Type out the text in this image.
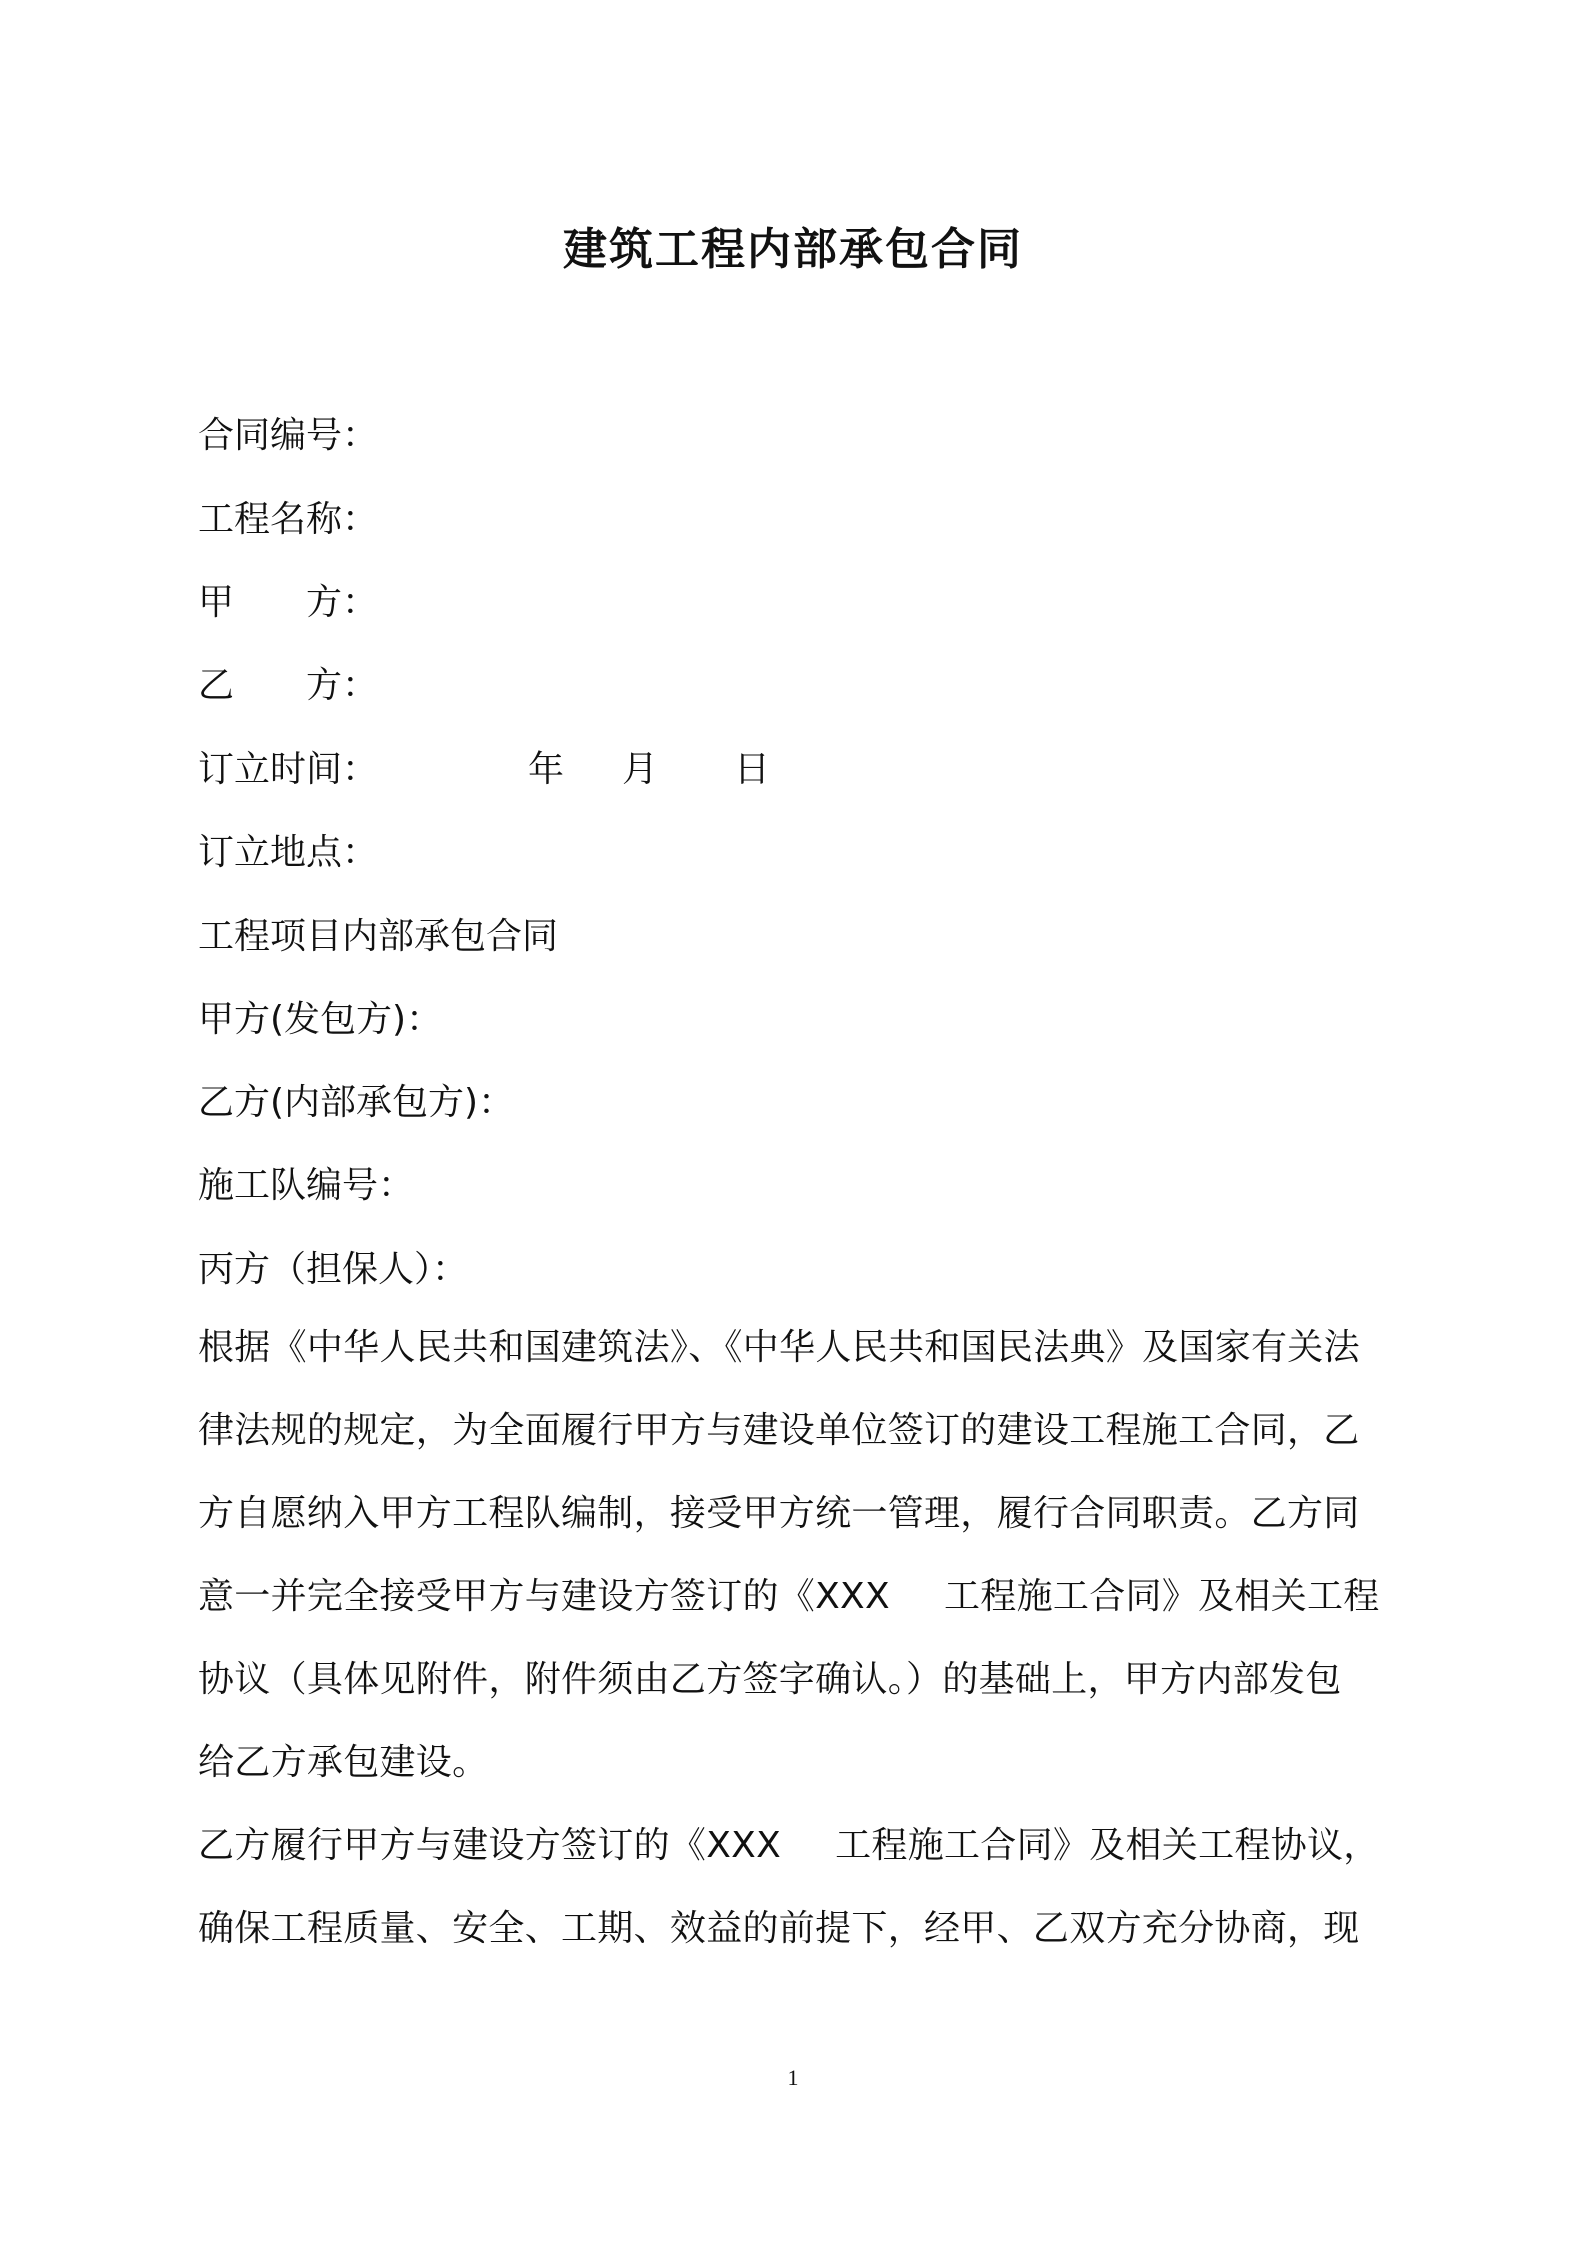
建筑工程内部承包合同
合同编号：
工程名称：
甲　　方：
乙　　方：
订立时间：	年 月 日
订立地点：
工程项目内部承包合同
甲方(发包方)：
乙方(内部承包方)：
施工队编号：
丙方（担保人）：
根据《中华人民共和国建筑法》、《中华人民共和国民法典》及国家有关法
律法规的规定，为全面履行甲方与建设单位签订的建设工程施工合同，乙
方自愿纳入甲方工程队编制，接受甲方统一管理，履行合同职责。乙方同
意一并完全接受甲方与建设方签订的《XXX 工程施工合同》及相关工程
协议（具体见附件，附件须由乙方签字确认。）的基础上，甲方内部发包
给乙方承包建设。
乙方履行甲方与建设方签订的《XXX 工程施工合同》及相关工程协议，
确保工程质量、安全、工期、效益的前提下，经甲、乙双方充分协商，现
1
